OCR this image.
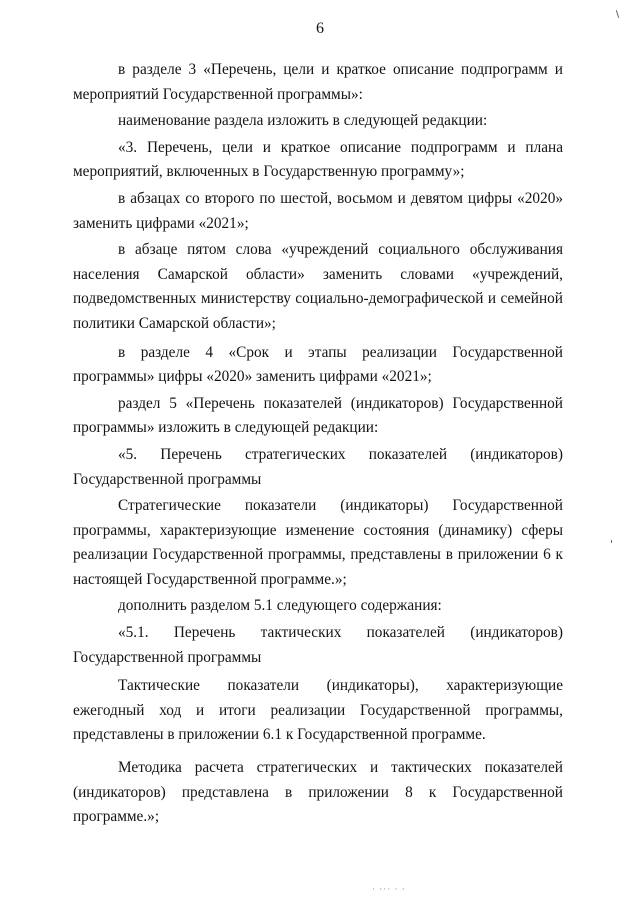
6

в разделе 3 «Перечень, цели и краткое описание подпрограмм и мероприятий Государственной программы»:

наименование раздела изложить в следующей редакции:

«3. Перечень, цели и краткое описание подпрограмм и плана мероприятий, включенных в Государственную программу»;

в абзацах со второго по шестой, восьмом и девятом цифры «2020» заменить цифрами «2021»;

в абзаце пятом слова «учреждений социального обслуживания населения Самарской области» заменить словами «учреждений, подведомственных министерству социально-демографической и семейной политики Самарской области»;

в разделе 4 «Срок и этапы реализации Государственной программы» цифры «2020» заменить цифрами «2021»;

раздел 5 «Перечень показателей (индикаторов) Государственной программы» изложить в следующей редакции:

«5. Перечень стратегических показателей (индикаторов) Государственной программы

Стратегические показатели (индикаторы) Государственной программы, характеризующие изменение состояния (динамику) сферы реализации Государственной программы, представлены в приложении 6 к настоящей Государственной программе.»;

дополнить разделом 5.1 следующего содержания:

«5.1. Перечень тактических показателей (индикаторов) Государственной программы

Тактические показатели (индикаторы), характеризующие ежегодный ход и итоги реализации Государственной программы, представлены в приложении 6.1 к Государственной программе.

Методика расчета стратегических и тактических показателей (индикаторов) представлена в приложении 8 к Государственной программе.»;

· ··· · ·
